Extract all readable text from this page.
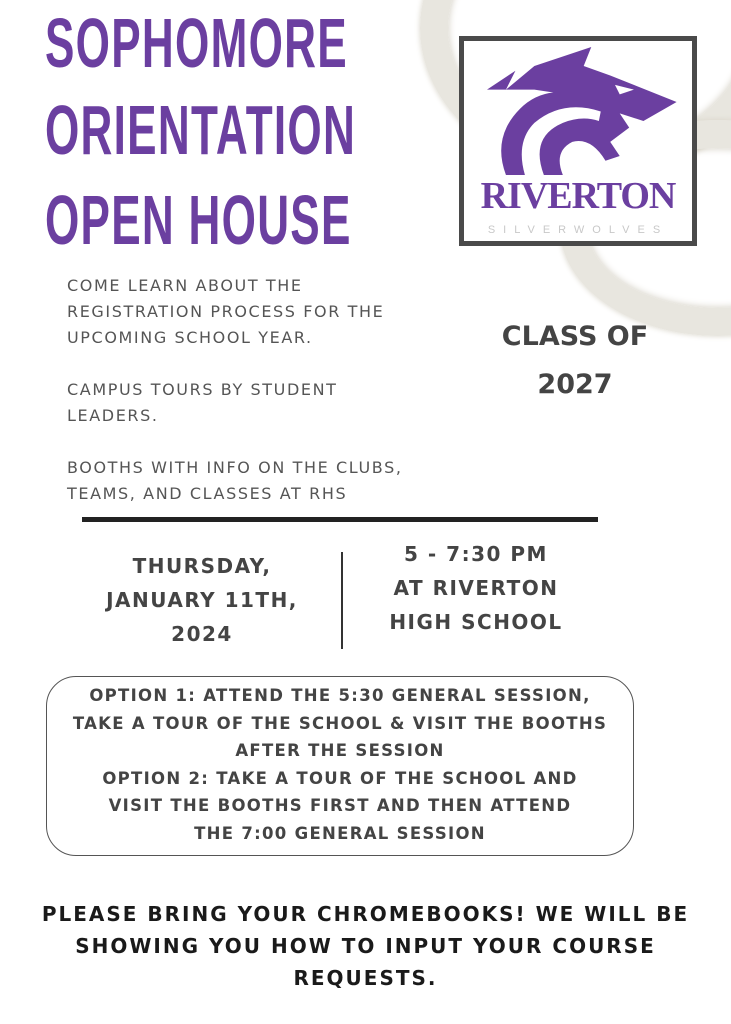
SOPHOMORE
ORIENTATION
OPEN HOUSE	RIVERTON
SILVERWOLVES

COME LEARN ABOUT THE REGISTRATION PROCESS FOR THE UPCOMING SCHOOL YEAR.

CAMPUS TOURS BY STUDENT LEADERS.

BOOTHS WITH INFO ON THE CLUBS, TEAMS, AND CLASSES AT RHS

CLASS OF
2027
THURSDAY,
JANUARY 11TH,
2024
5 - 7:30 PM
AT RIVERTON
HIGH SCHOOL
OPTION 1: ATTEND THE 5:30 GENERAL SESSION, TAKE A TOUR OF THE SCHOOL & VISIT THE BOOTHS AFTER THE SESSION
OPTION 2: TAKE A TOUR OF THE SCHOOL AND VISIT THE BOOTHS FIRST AND THEN ATTEND THE 7:00 GENERAL SESSION
PLEASE BRING YOUR CHROMEBOOKS! WE WILL BE SHOWING YOU HOW TO INPUT YOUR COURSE REQUESTS.
